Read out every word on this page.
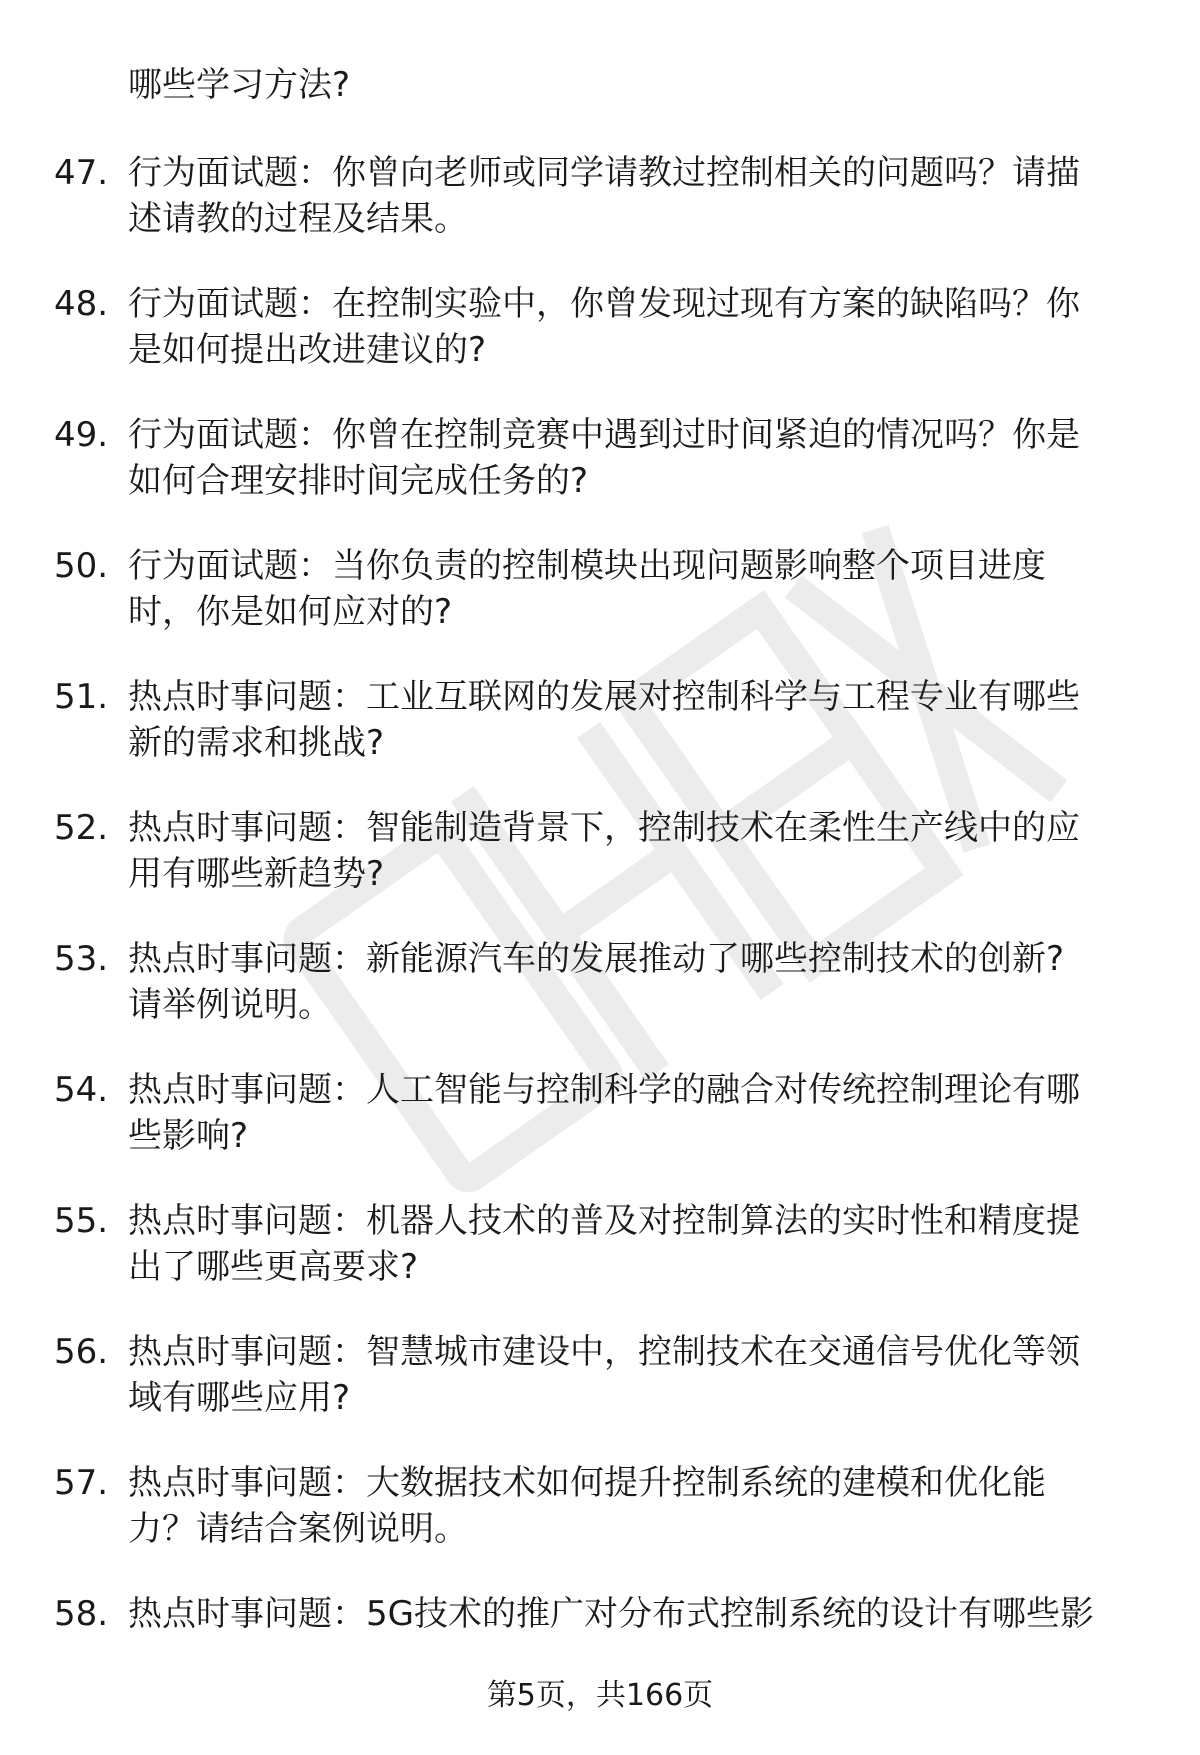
哪些学习方法?
47. 行为面试题：你曾向老师或同学请教过控制相关的问题吗？请描
述请教的过程及结果。
48. 行为面试题：在控制实验中，你曾发现过现有方案的缺陷吗？你
是如何提出改进建议的?
49. 行为面试题：你曾在控制竞赛中遇到过时间紧迫的情况吗？你是
如何合理安排时间完成任务的?
50. 行为面试题：当你负责的控制模块出现问题影响整个项目进度
时，你是如何应对的?
51. 热点时事问题：工业互联网的发展对控制科学与工程专业有哪些
新的需求和挑战?
52. 热点时事问题：智能制造背景下，控制技术在柔性生产线中的应
用有哪些新趋势?
53. 热点时事问题：新能源汽车的发展推动了哪些控制技术的创新?
请举例说明。
54. 热点时事问题：人工智能与控制科学的融合对传统控制理论有哪
些影响?
55. 热点时事问题：机器人技术的普及对控制算法的实时性和精度提
出了哪些更高要求?
56. 热点时事问题：智慧城市建设中，控制技术在交通信号优化等领
域有哪些应用?
57. 热点时事问题：大数据技术如何提升控制系统的建模和优化能
力？请结合案例说明。
58. 热点时事问题：5G技术的推广对分布式控制系统的设计有哪些影
第5页，共166页
